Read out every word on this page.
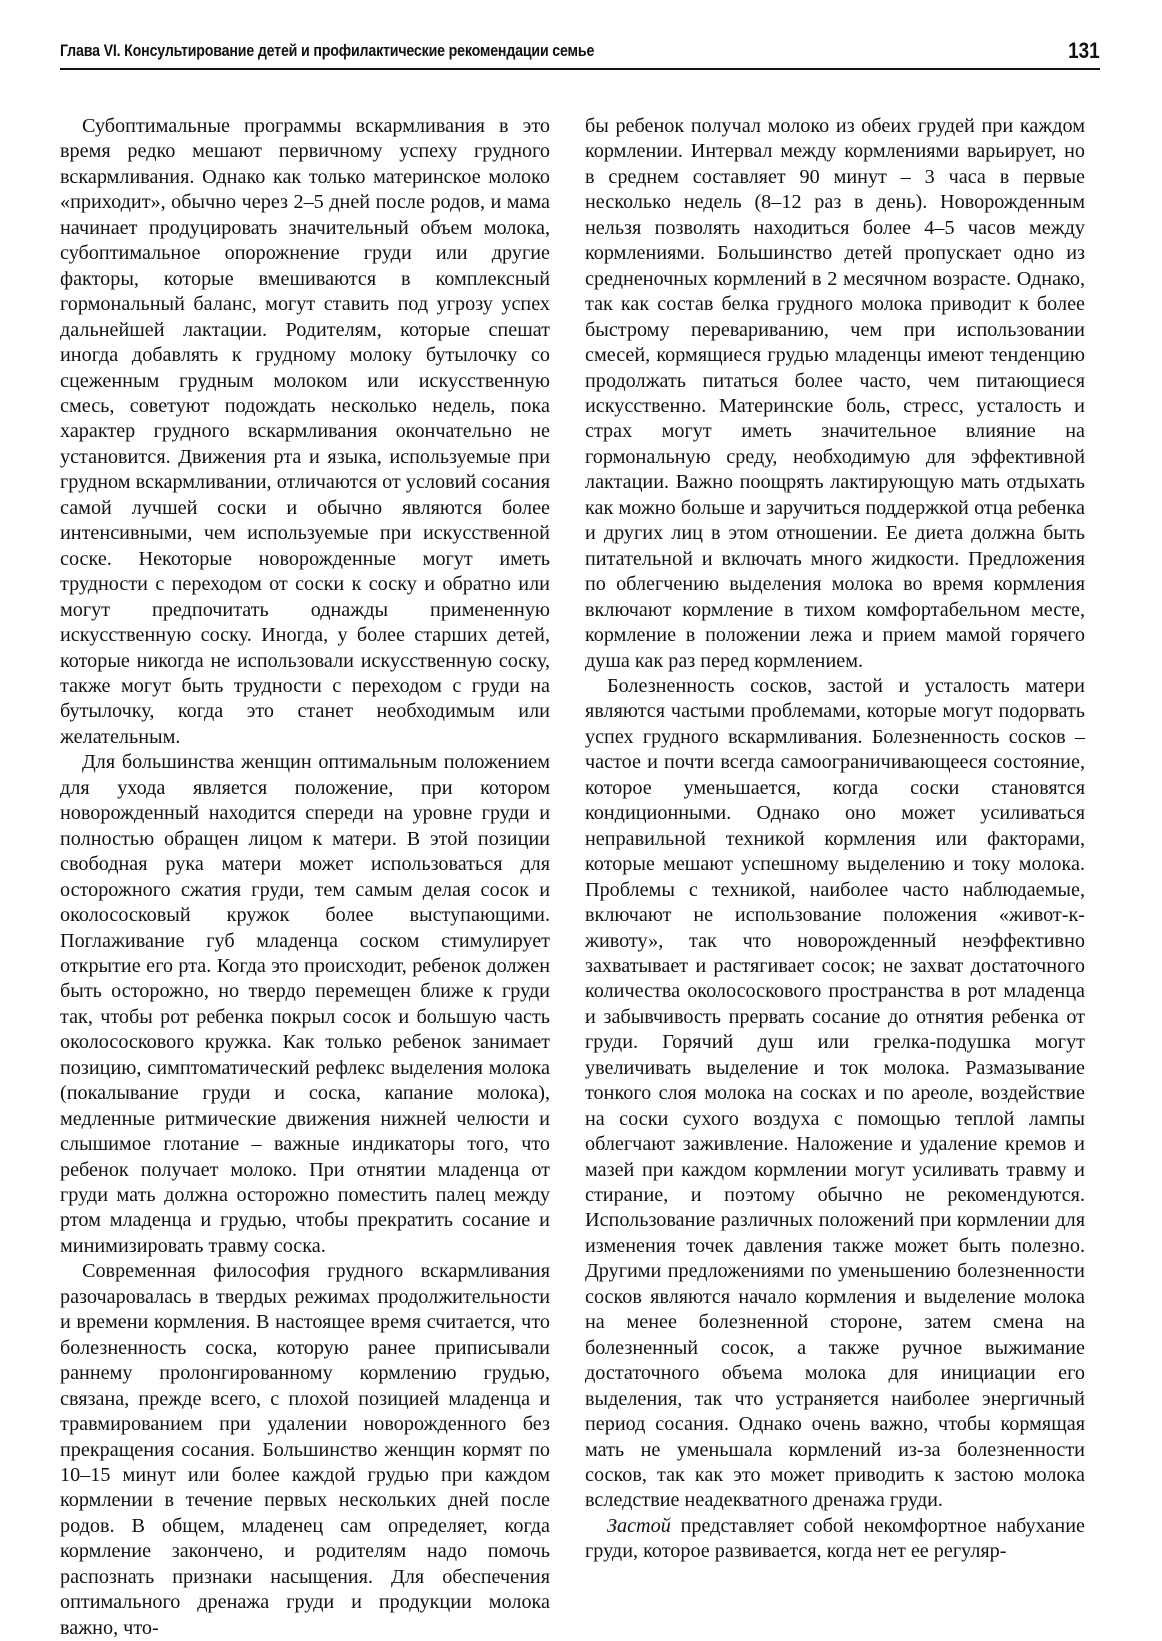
Глава VI. Консультирование детей и профилактические рекомендации семье	131

Субоптимальные программы вскармливания в это время редко мешают первичному успеху грудного вскармливания. Однако как только материнское молоко «приходит», обычно через 2–5 дней после родов, и мама начинает продуцировать значительный объем молока, субоптимальное опорожнение груди или другие факторы, которые вмешиваются в комплексный гормональный баланс, могут ставить под угрозу успех дальнейшей лактации. Родителям, которые спешат иногда добавлять к грудному молоку бутылочку со сцеженным грудным молоком или искусственную смесь, советуют подождать несколько недель, пока характер грудного вскармливания окончательно не установится. Движения рта и языка, используемые при грудном вскармливании, отличаются от условий сосания самой лучшей соски и обычно являются более интенсивными, чем используемые при искусственной соске. Некоторые новорожденные могут иметь трудности с переходом от соски к соску и обратно или могут предпочитать однажды примененную искусственную соску. Иногда, у более старших детей, которые никогда не использовали искусственную соску, также могут быть трудности с переходом с груди на бутылочку, когда это станет необходимым или желательным.

Для большинства женщин оптимальным положением для ухода является положение, при котором новорожденный находится спереди на уровне груди и полностью обращен лицом к матери. В этой позиции свободная рука матери может использоваться для осторожного сжатия груди, тем самым делая сосок и околососковый кружок более выступающими. Поглаживание губ младенца соском стимулирует открытие его рта. Когда это происходит, ребенок должен быть осторожно, но твердо перемещен ближе к груди так, чтобы рот ребенка покрыл сосок и большую часть околососкового кружка. Как только ребенок занимает позицию, симптоматический рефлекс выделения молока (покалывание груди и соска, капание молока), медленные ритмические движения нижней челюсти и слышимое глотание – важные индикаторы того, что ребенок получает молоко. При отнятии младенца от груди мать должна осторожно поместить палец между ртом младенца и грудью, чтобы прекратить сосание и минимизировать травму соска.

Современная философия грудного вскармливания разочаровалась в твердых режимах продолжительности и времени кормления. В настоящее время считается, что болезненность соска, которую ранее приписывали раннему пролонгированному кормлению грудью, связана, прежде всего, с плохой позицией младенца и травмированием при удалении новорожденного без прекращения сосания. Большинство женщин кормят по 10–15 минут или более каждой грудью при каждом кормлении в течение первых нескольких дней после родов. В общем, младенец сам определяет, когда кормление закончено, и родителям надо помочь распознать признаки насыщения. Для обеспечения оптимального дренажа груди и продукции молока важно, что-

бы ребенок получал молоко из обеих грудей при каждом кормлении. Интервал между кормлениями варьирует, но в среднем составляет 90 минут – 3 часа в первые несколько недель (8–12 раз в день). Новорожденным нельзя позволять находиться более 4–5 часов между кормлениями. Большинство детей пропускает одно из средненочных кормлений в 2 месячном возрасте. Однако, так как состав белка грудного молока приводит к более быстрому перевариванию, чем при использовании смесей, кормящиеся грудью младенцы имеют тенденцию продолжать питаться более часто, чем питающиеся искусственно. Материнские боль, стресс, усталость и страх могут иметь значительное влияние на гормональную среду, необходимую для эффективной лактации. Важно поощрять лактирующую мать отдыхать как можно больше и заручиться поддержкой отца ребенка и других лиц в этом отношении. Ее диета должна быть питательной и включать много жидкости. Предложения по облегчению выделения молока во время кормления включают кормление в тихом комфортабельном месте, кормление в положении лежа и прием мамой горячего душа как раз перед кормлением.

Болезненность сосков, застой и усталость матери являются частыми проблемами, которые могут подорвать успех грудного вскармливания. Болезненность сосков – частое и почти всегда самоограничивающееся состояние, которое уменьшается, когда соски становятся кондиционными. Однако оно может усиливаться неправильной техникой кормления или факторами, которые мешают успешному выделению и току молока. Проблемы с техникой, наиболее часто наблюдаемые, включают не использование положения «живот-к-животу», так что новорожденный неэффективно захватывает и растягивает сосок; не захват достаточного количества околососкового пространства в рот младенца и забывчивость прервать сосание до отнятия ребенка от груди. Горячий душ или грелка-подушка могут увеличивать выделение и ток молока. Размазывание тонкого слоя молока на сосках и по ареоле, воздействие на соски сухого воздуха с помощью теплой лампы облегчают заживление. Наложение и удаление кремов и мазей при каждом кормлении могут усиливать травму и стирание, и поэтому обычно не рекомендуются. Использование различных положений при кормлении для изменения точек давления также может быть полезно. Другими предложениями по уменьшению болезненности сосков являются начало кормления и выделение молока на менее болезненной стороне, затем смена на болезненный сосок, а также ручное выжимание достаточного объема молока для инициации его выделения, так что устраняется наиболее энергичный период сосания. Однако очень важно, чтобы кормящая мать не уменьшала кормлений из-за болезненности сосков, так как это может приводить к застою молока вследствие неадекватного дренажа груди.

Застой представляет собой некомфортное набухание груди, которое развивается, когда нет ее регуляр-
